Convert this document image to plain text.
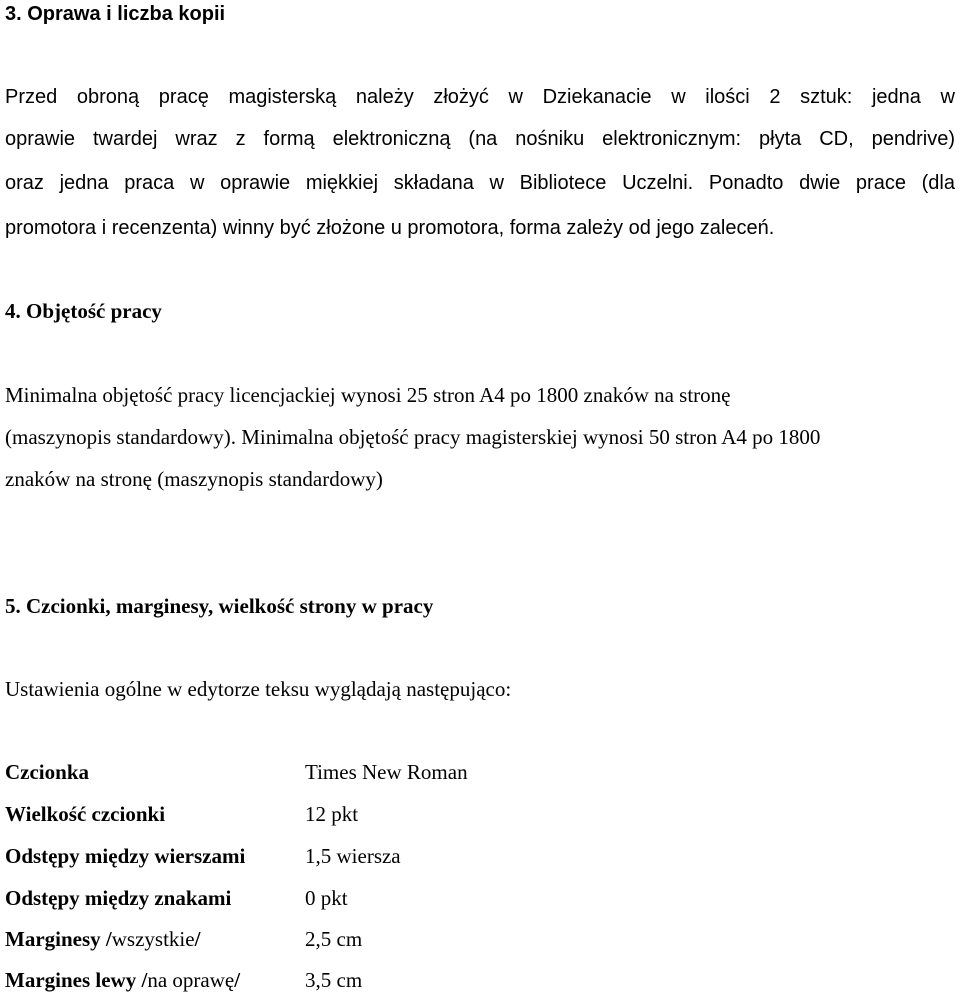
3. Oprawa i liczba kopii
Przed obroną pracę magisterską należy złożyć w Dziekanacie w ilości 2 sztuk: jedna w
oprawie twardej wraz z formą elektroniczną (na nośniku elektronicznym: płyta CD, pendrive)
oraz jedna praca w oprawie miękkiej składana w Bibliotece Uczelni. Ponadto dwie prace (dla
promotora i recenzenta) winny być złożone u promotora, forma zależy od jego zaleceń.
4. Objętość pracy
Minimalna objętość pracy licencjackiej wynosi 25 stron A4 po 1800 znaków na stronę
(maszynopis standardowy). Minimalna objętość pracy magisterskiej wynosi 50 stron A4 po 1800
znaków na stronę (maszynopis standardowy)
5. Czcionki, marginesy, wielkość strony w pracy
Ustawienia ogólne w edytorze teksu wyglądają następująco:
Czcionka	Times New Roman
Wielkość czcionki	12 pkt
Odstępy między wierszami	1,5 wiersza
Odstępy między znakami	0 pkt
Marginesy /wszystkie/	2,5 cm
Margines lewy /na oprawę/	3,5 cm
